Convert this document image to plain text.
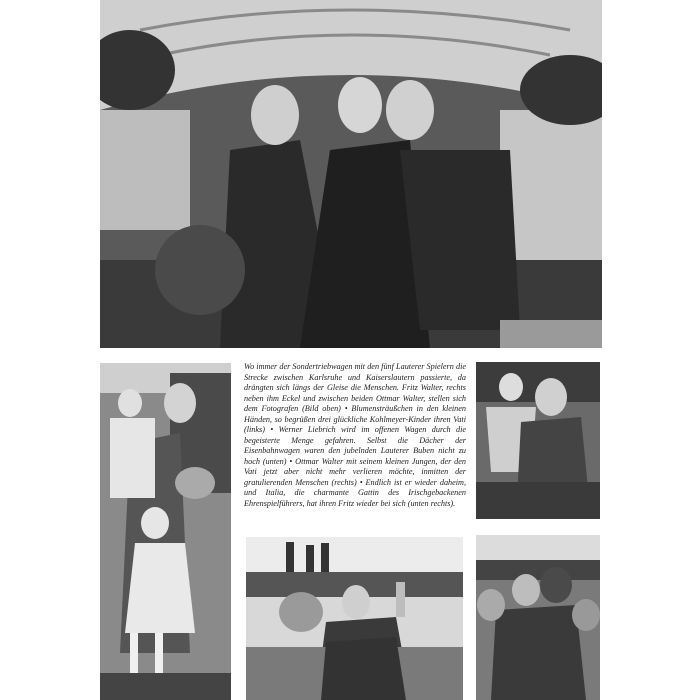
Wo immer der Sondertriebwagen mit den fünf Lauterer Spielern die Strecke zwischen Karlsruhe und Kaiserslautern passierte, da drängten sich längs der Gleise die Menschen. Fritz Walter, rechts neben ihm Eckel und zwischen beiden Ottmar Walter, stellen sich dem Fotografen (Bild oben) • Blumensträußchen in den kleinen Händen, so begrüßen drei glückliche Kohlmeyer-Kinder ihren Vati (links) • Werner Liebrich wird im offenen Wagen durch die begeisterte Menge gefahren. Selbst die Dächer der Eisenbahnwagen waren den jubelnden Lauterer Buben nicht zu hoch (unten) • Ottmar Walter mit seinem kleinen Jungen, der den Vati jetzt aber nicht mehr verlieren möchte, inmitten der gratulierenden Menschen (rechts) • Endlich ist er wieder daheim, und Italia, die charmante Gattin des Irischgebackenen Ehrenspielführers, hat ihren Fritz wieder bei sich (unten rechts).
